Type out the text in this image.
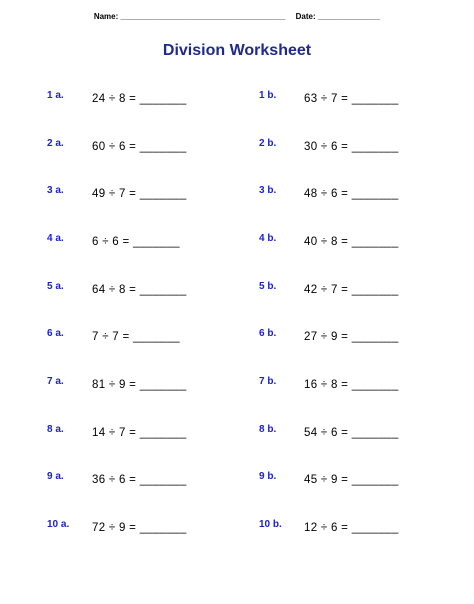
Name: _____________________________________ Date: ______________
Division Worksheet
1 a. 24 ÷ 8 = _______
2 a. 60 ÷ 6 = _______
3 a. 49 ÷ 7 = _______
4 a. 6 ÷ 6 = _______
5 a. 64 ÷ 8 = _______
6 a. 7 ÷ 7 = _______
7 a. 81 ÷ 9 = _______
8 a. 14 ÷ 7 = _______
9 a. 36 ÷ 6 = _______
10 a. 72 ÷ 9 = _______
1 b. 63 ÷ 7 = _______
2 b. 30 ÷ 6 = _______
3 b. 48 ÷ 6 = _______
4 b. 40 ÷ 8 = _______
5 b. 42 ÷ 7 = _______
6 b. 27 ÷ 9 = _______
7 b. 16 ÷ 8 = _______
8 b. 54 ÷ 6 = _______
9 b. 45 ÷ 9 = _______
10 b. 12 ÷ 6 = _______
